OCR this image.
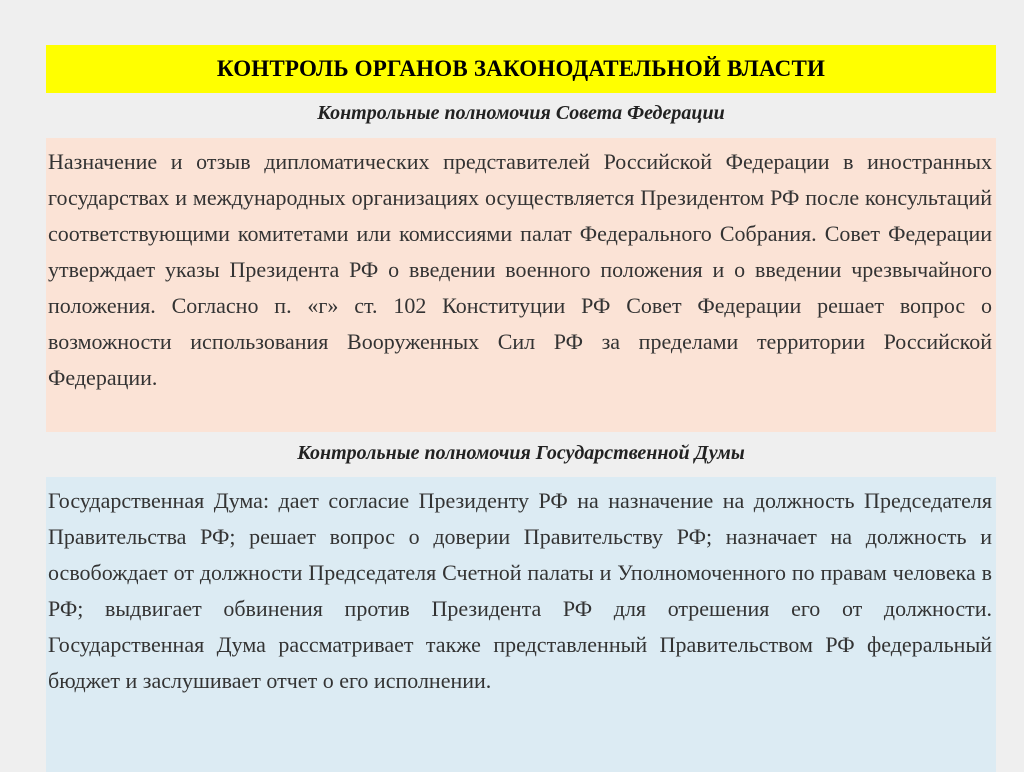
КОНТРОЛЬ ОРГАНОВ ЗАКОНОДАТЕЛЬНОЙ ВЛАСТИ
Контрольные полномочия Совета Федерации
Назначение и отзыв дипломатических представителей Российской Федерации в иностранных государствах и международных организациях осуществляется Президентом РФ после консультаций соответствующими комитетами или комиссиями палат Федерального Собрания. Совет Федерации утверждает указы Президента РФ о введении военного положения и о введении чрезвычайного положения. Согласно п. «г» ст. 102 Конституции РФ Совет Федерации решает вопрос о возможности использования Вооруженных Сил РФ за пределами территории Российской Федерации.
Контрольные полномочия Государственной Думы
Государственная Дума: дает согласие Президенту РФ на назначение на должность Председателя Правительства РФ; решает вопрос о доверии Правительству РФ; назначает на должность и освобождает от должности Председателя Счетной палаты и Уполномоченного по правам человека в РФ; выдвигает обвинения против Президента РФ для отрешения его от должности. Государственная Дума рассматривает также представленный Правительством РФ федеральный бюджет и заслушивает отчет о его исполнении.
